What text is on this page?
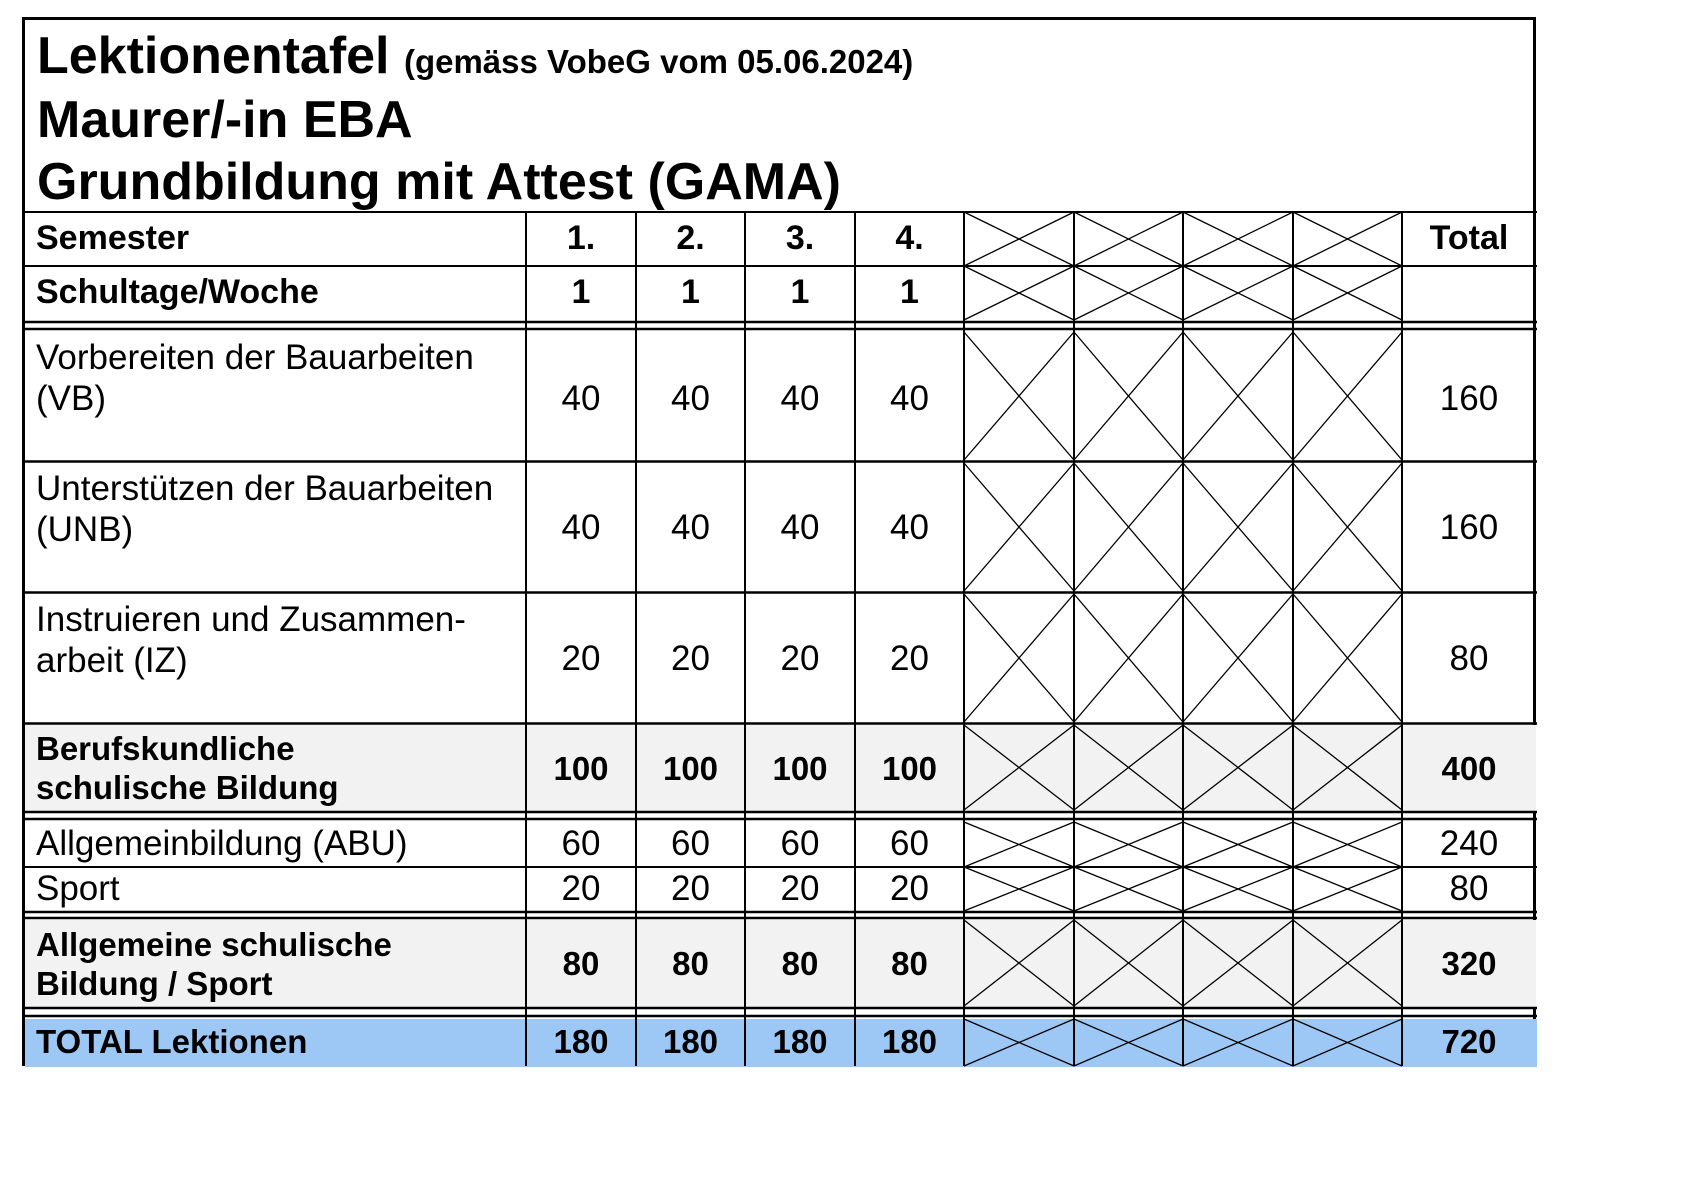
Lektionentafel (gemäss VobeG vom 05.06.2024)
Maurer/-in EBA
Grundbildung mit Attest (GAMA)
Semester	1.	2.	3.	4.	Total
Schultage/Woche	1	1	1	1
Vorbereiten der Bauarbeiten
(VB)	40	40	40	40	160
Unterstützen der Bauarbeiten
(UNB)	40	40	40	40	160
Instruieren und Zusammen-
arbeit (IZ)	20	20	20	20	80
Berufskundliche
schulische Bildung
100	100	100	100	400
Allgemeinbildung (ABU)	60	60	60	60	240
Sport	20	20	20	20	80
Allgemeine schulische
Bildung / Sport
80	80	80	80	320
TOTAL Lektionen	180	180	180	180	720
